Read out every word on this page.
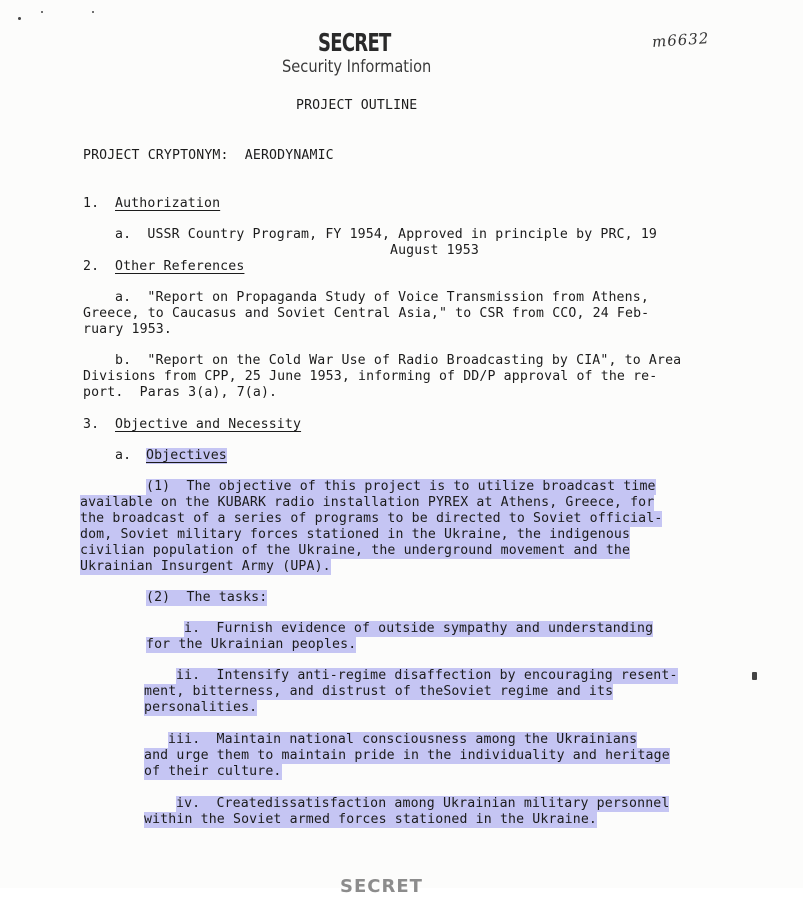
SECRET
Security Information
m6632
PROJECT OUTLINE
PROJECT CRYPTONYM:  AERODYNAMIC
1. Authorization
a.  USSR Country Program, FY 1954, Approved in principle by PRC, 19
August 1953
2. Other References
a.  "Report on Propaganda Study of Voice Transmission from Athens,
Greece, to Caucasus and Soviet Central Asia," to CSR from CCO, 24 Feb-
ruary 1953.
b.  "Report on the Cold War Use of Radio Broadcasting by CIA", to Area
Divisions from CPP, 25 June 1953, informing of DD/P approval of the re-
port.  Paras 3(a), 7(a).
3. Objective and Necessity
a. Objectives
(1)  The objective of this project is to utilize broadcast time
available on the KUBARK radio installation PYREX at Athens, Greece, for
the broadcast of a series of programs to be directed to Soviet official-
dom, Soviet military forces stationed in the Ukraine, the indigenous
civilian population of the Ukraine, the underground movement and the
Ukrainian Insurgent Army (UPA).
(2)  The tasks:
i.  Furnish evidence of outside sympathy and understanding
for the Ukrainian peoples.
ii.  Intensify anti-regime disaffection by encouraging resent-
ment, bitterness, and distrust of theSoviet regime and its
personalities.
iii.  Maintain national consciousness among the Ukrainians
and urge them to maintain pride in the individuality and heritage
of their culture.
iv.  Createdissatisfaction among Ukrainian military personnel
within the Soviet armed forces stationed in the Ukraine.
SECRET
